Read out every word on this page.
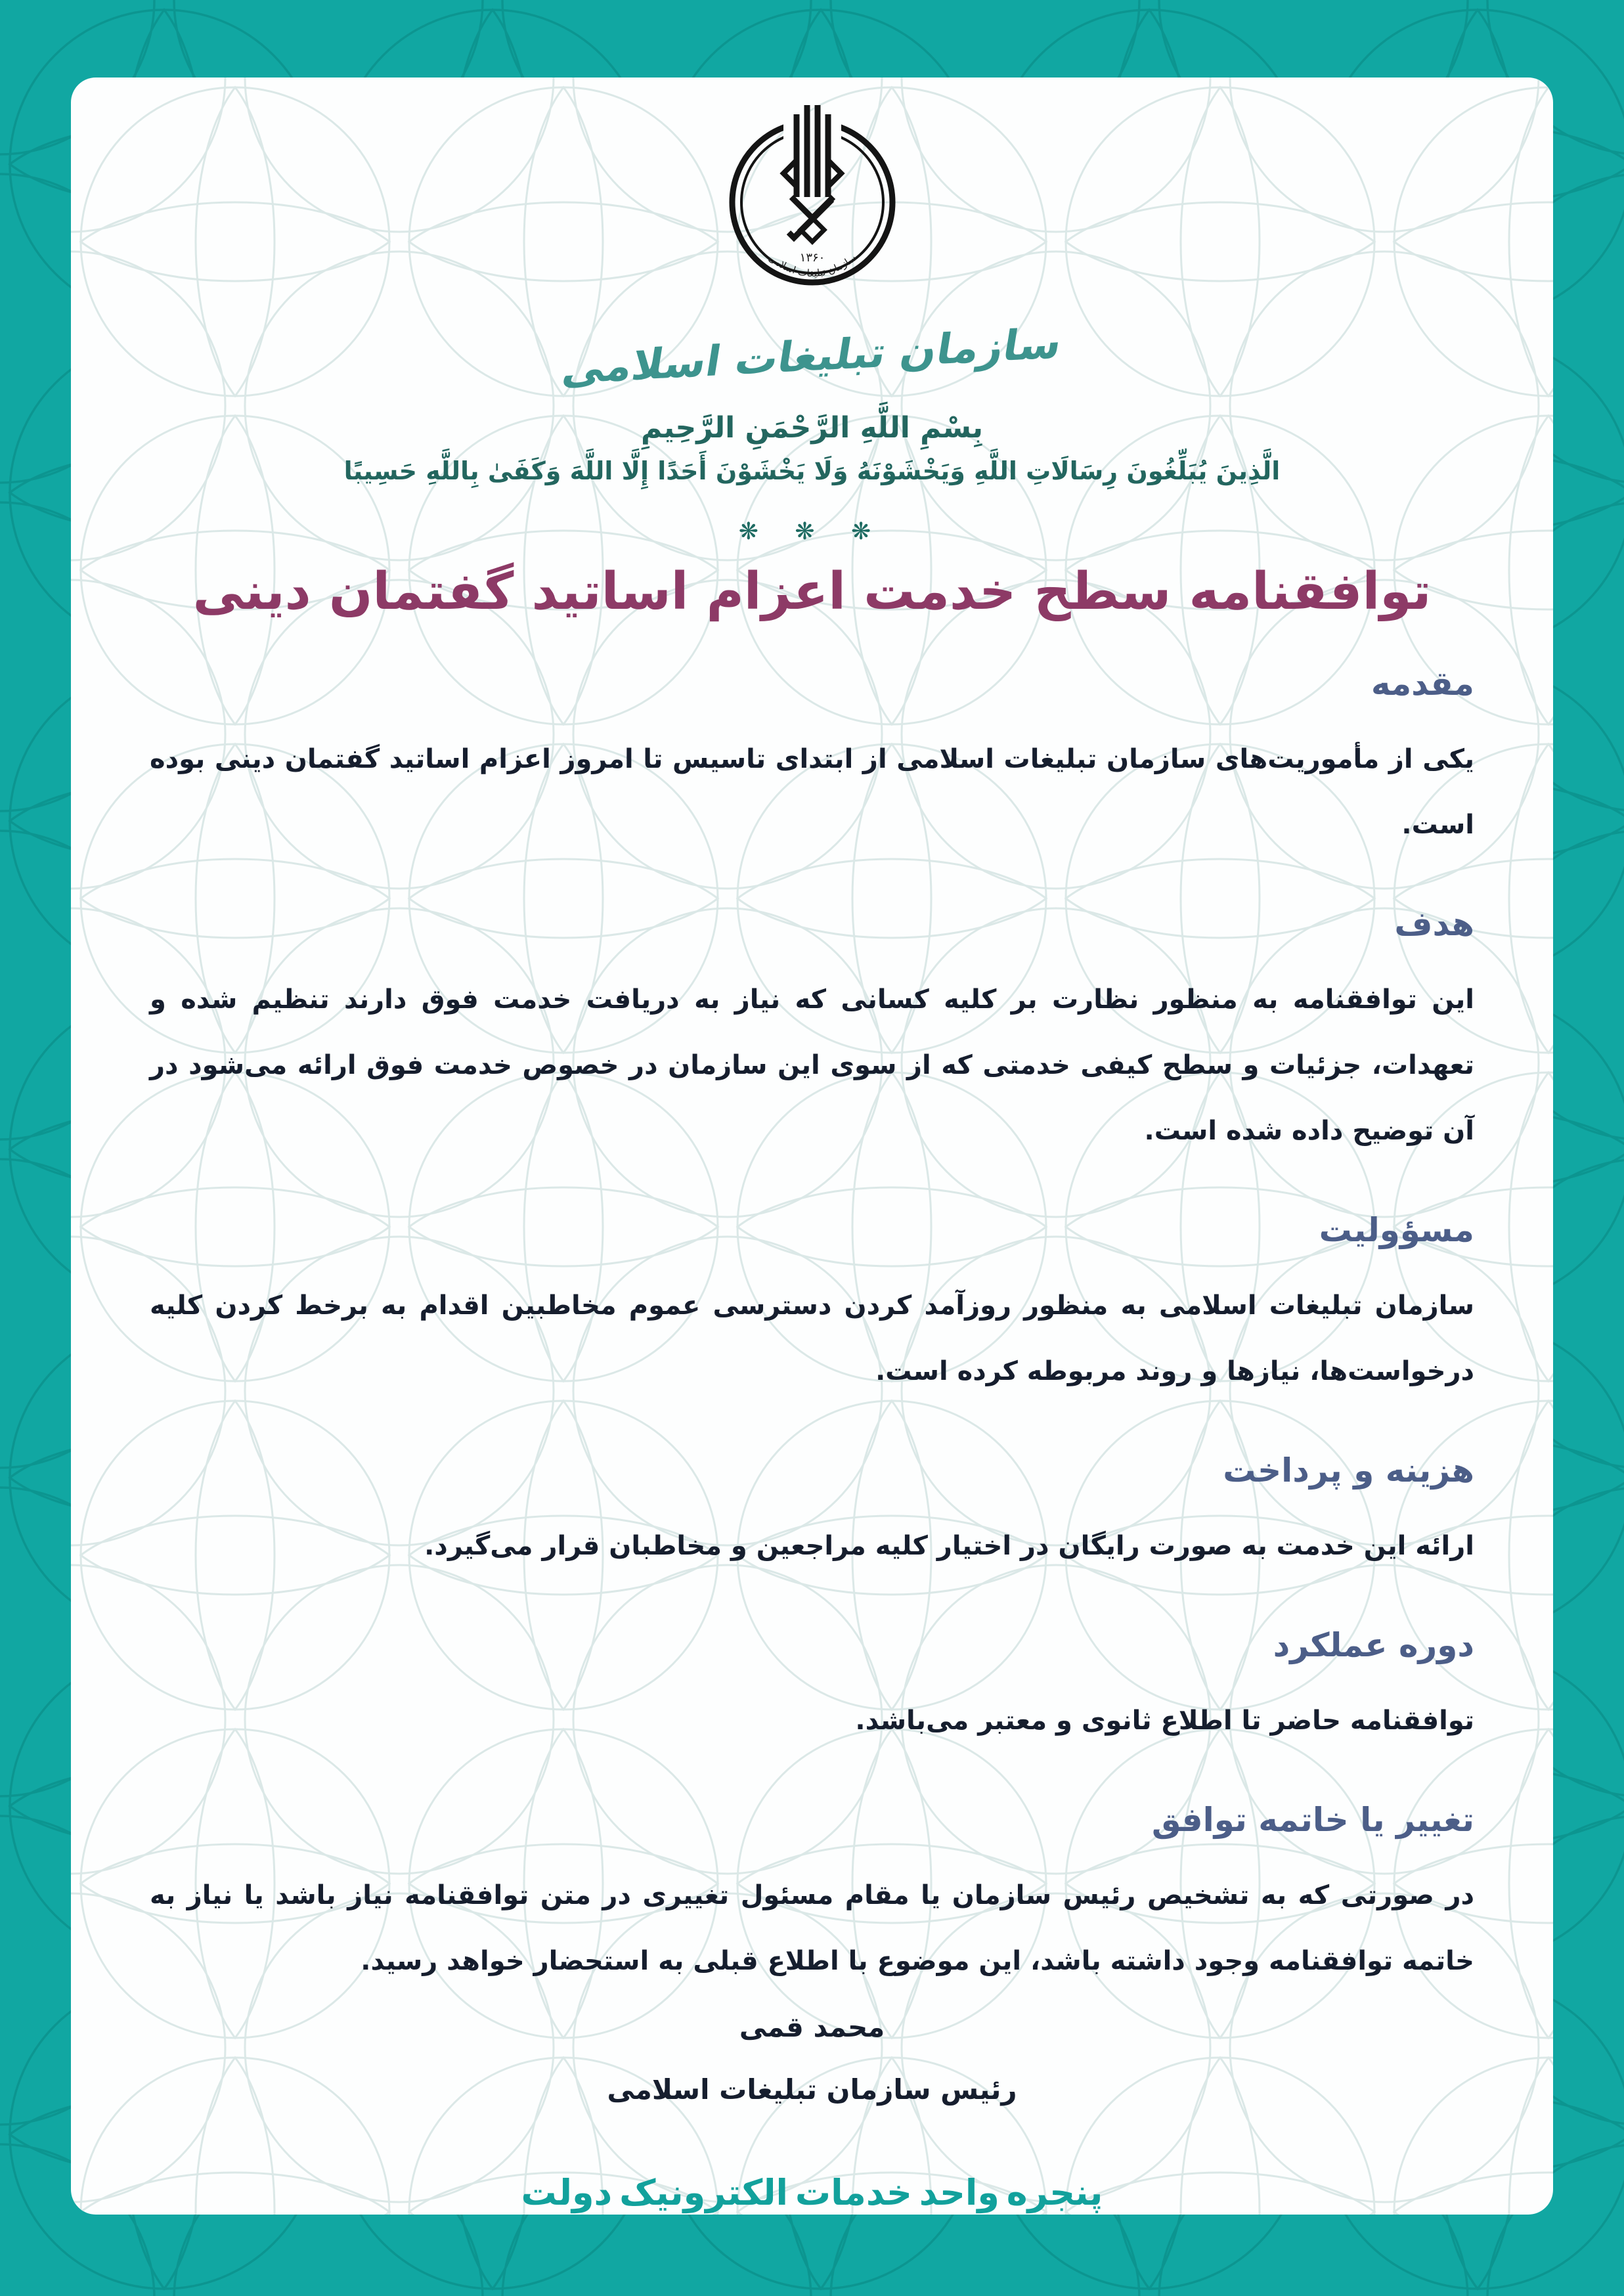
۱۳۶۰
سازمان تبلیغات اسلامی
سازمان تبلیغات اسلامی
بِسْمِ اللَّهِ الرَّحْمَنِ الرَّحِيمِ
الَّذِينَ يُبَلِّغُونَ رِسَالَاتِ اللَّهِ وَيَخْشَوْنَهُ وَلَا يَخْشَوْنَ أَحَدًا إِلَّا اللَّهَ وَكَفَىٰ بِاللَّهِ حَسِيبًا
❋ ❋ ❋
توافقنامه سطح خدمت اعزام اساتید گفتمان دینی
مقدمه
یکی از مأموریت‌های سازمان تبلیغات اسلامی از ابتدای تاسیس تا امروز اعزام اساتید گفتمان دینی بوده است.
هدف
این توافقنامه به منظور نظارت بر کلیه کسانی که نیاز به دریافت خدمت فوق دارند تنظیم شده و تعهدات، جزئیات و سطح کیفی خدمتی که از سوی این سازمان در خصوص خدمت فوق ارائه می‌شود در آن توضیح داده شده است.
مسؤولیت
سازمان تبلیغات اسلامی به منظور روزآمد کردن دسترسی عموم مخاطبین اقدام به برخط کردن کلیه درخواست‌ها، نیازها و روند مربوطه کرده است.
هزینه و پرداخت
ارائه این خدمت به صورت رایگان در اختیار کلیه مراجعین و مخاطبان قرار می‌گیرد.
دوره عملکرد
توافقنامه حاضر تا اطلاع ثانوی و معتبر می‌باشد.
تغییر یا خاتمه توافق
در صورتی که به تشخیص رئیس سازمان یا مقام مسئول تغییری در متن توافقنامه نیاز باشد یا نیاز به خاتمه توافقنامه وجود داشته باشد، این موضوع با اطلاع قبلی به استحضار خواهد رسید.
محمد قمی
رئیس سازمان تبلیغات اسلامی
پنجره واحد خدمات الکترونیک دولت
